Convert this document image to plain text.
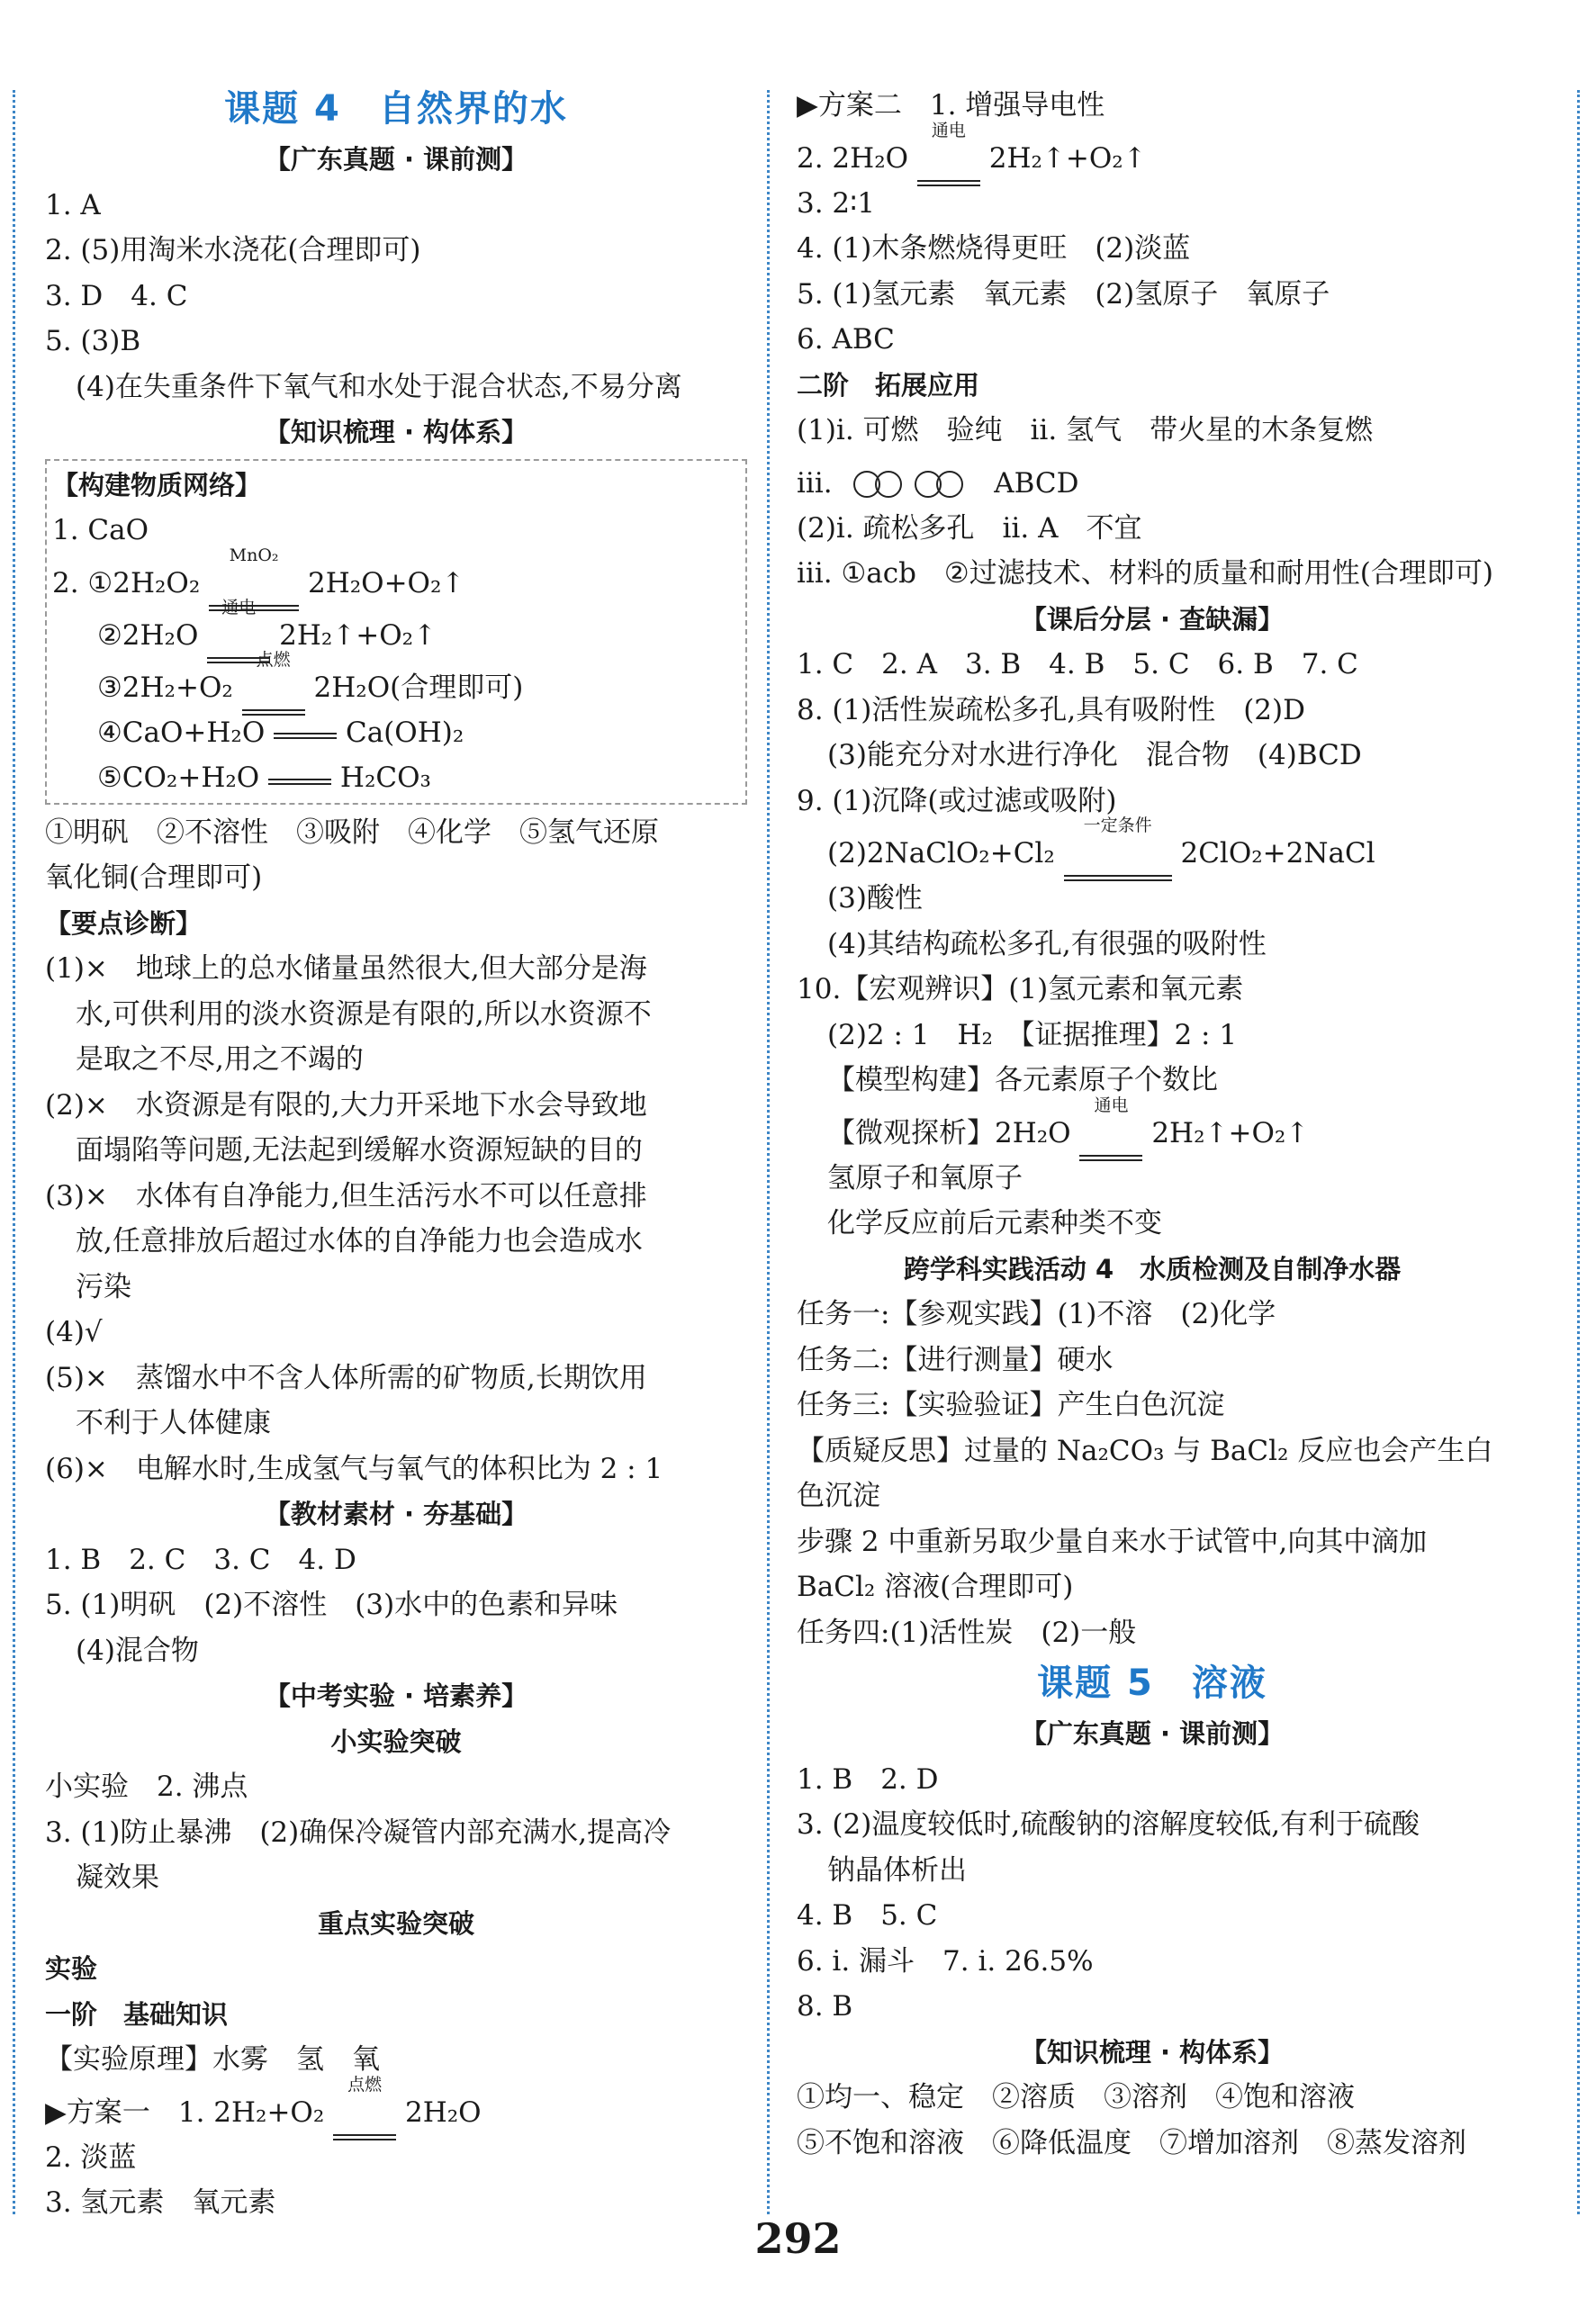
课题 4　自然界的水
【广东真题 · 课前测】
1. A
2. (5)用淘米水浇花(合理即可)
3. D　4. C
5. (3)B
(4)在失重条件下氧气和水处于混合状态,不易分离
【知识梳理 · 构体系】
【构建物质网络】
1. CaO
2. ①2H₂O₂
MnO₂
2H₂O+O₂↑
②2H₂O
通电
2H₂↑+O₂↑
③2H₂+O₂
点燃
2H₂O(合理即可)
④CaO+H₂O	Ca(OH)₂
⑤CO₂+H₂O	H₂CO₃
①明矾　②不溶性　③吸附　④化学　⑤氢气还原
氧化铜(合理即可)
【要点诊断】
(1)×　地球上的总水储量虽然很大,但大部分是海
水,可供利用的淡水资源是有限的,所以水资源不
是取之不尽,用之不竭的
(2)×　水资源是有限的,大力开采地下水会导致地
面塌陷等问题,无法起到缓解水资源短缺的目的
(3)×　水体有自净能力,但生活污水不可以任意排
放,任意排放后超过水体的自净能力也会造成水
污染
(4)√
(5)×　蒸馏水中不含人体所需的矿物质,长期饮用
不利于人体健康
(6)×　电解水时,生成氢气与氧气的体积比为 2 : 1
【教材素材 · 夯基础】
1. B　2. C　3. C　4. D
5. (1)明矾　(2)不溶性　(3)水中的色素和异味
(4)混合物
【中考实验 · 培素养】
小实验突破
小实验　2. 沸点
3. (1)防止暴沸　(2)确保冷凝管内部充满水,提高冷
凝效果
重点实验突破
实验
一阶　基础知识
【实验原理】水雾　氢　氧
▶方案一　1. 2H₂+O₂
点燃
2H₂O
2. 淡蓝
3. 氢元素　氧元素
▶方案二　1. 增强导电性
2. 2H₂O
通电
2H₂↑+O₂↑
3. 2∶1
4. (1)木条燃烧得更旺　(2)淡蓝
5. (1)氢元素　氧元素　(2)氢原子　氧原子
6. ABC
二阶　拓展应用
(1)ⅰ. 可燃　验纯　ⅱ. 氢气　带火星的木条复燃
ⅲ.	ABCD
(2)ⅰ. 疏松多孔　ⅱ. A　不宜
ⅲ. ①acb　②过滤技术、材料的质量和耐用性(合理即可)
【课后分层 · 查缺漏】
1. C　2. A　3. B　4. B　5. C　6. B　7. C
8. (1)活性炭疏松多孔,具有吸附性　(2)D
(3)能充分对水进行净化　混合物　(4)BCD
9. (1)沉降(或过滤或吸附)
(2)2NaClO₂+Cl₂
一定条件
2ClO₂+2NaCl
(3)酸性
(4)其结构疏松多孔,有很强的吸附性
10.【宏观辨识】(1)氢元素和氧元素
(2)2 : 1　H₂　【证据推理】2 : 1
【模型构建】各元素原子个数比
【微观探析】2H₂O
通电
2H₂↑+O₂↑
氢原子和氧原子
化学反应前后元素种类不变
跨学科实践活动 4　水质检测及自制净水器
任务一:【参观实践】(1)不溶　(2)化学
任务二:【进行测量】硬水
任务三:【实验验证】产生白色沉淀
【质疑反思】过量的 Na₂CO₃ 与 BaCl₂ 反应也会产生白
色沉淀
步骤 2 中重新另取少量自来水于试管中,向其中滴加
BaCl₂ 溶液(合理即可)
任务四:(1)活性炭　(2)一般
课题 5　溶液
【广东真题 · 课前测】
1. B　2. D
3. (2)温度较低时,硫酸钠的溶解度较低,有利于硫酸
钠晶体析出
4. B　5. C
6. ⅰ. 漏斗　7. ⅰ. 26.5%
8. B
【知识梳理 · 构体系】
①均一、稳定　②溶质　③溶剂　④饱和溶液
⑤不饱和溶液　⑥降低温度　⑦增加溶剂　⑧蒸发溶剂
292
